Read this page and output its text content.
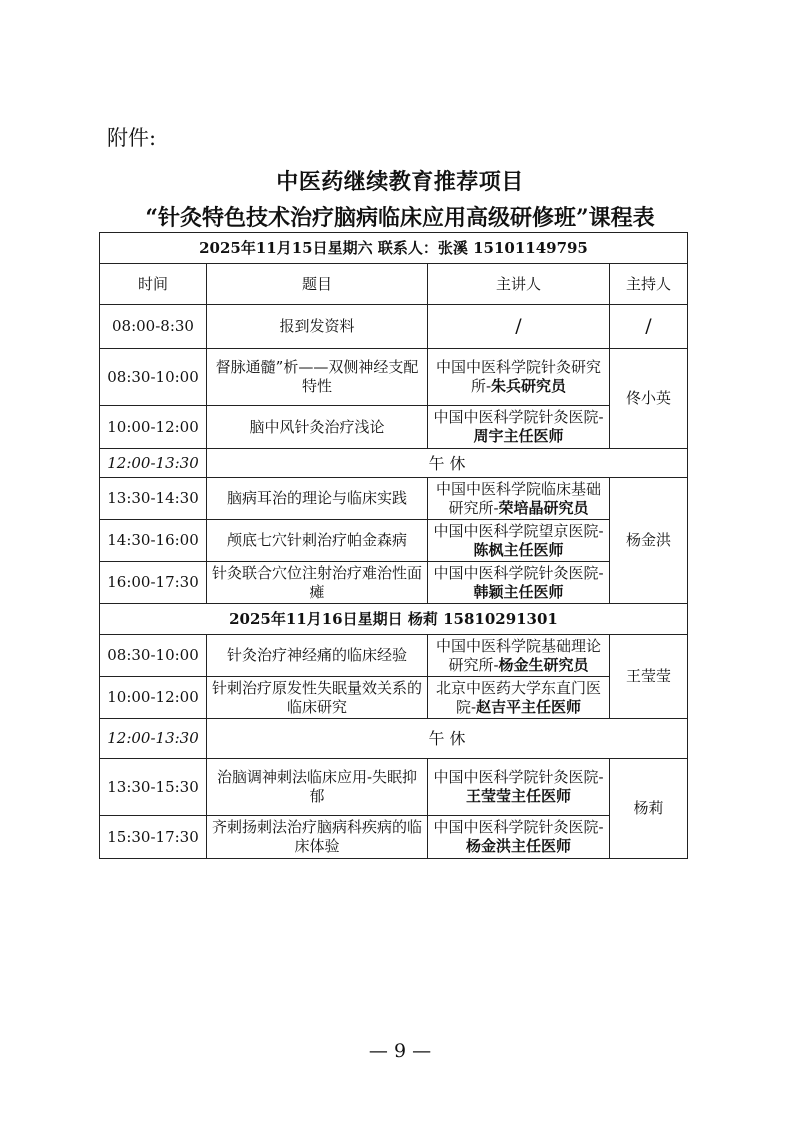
附件:
中医药继续教育推荐项目
“针灸特色技术治疗脑病临床应用高级研修班”课程表
2025年11月15日星期六 联系人：张溪 15101149795			
时间	题目	主讲人	主持人
08:00-8:30	报到发资料	/	/
08:30-10:00	督脉通髓”析——双侧神经支配特性	中国中医科学院针灸研究所-朱兵研究员	佟小英
10:00-12:00	脑中风针灸治疗浅论	中国中医科学院针灸医院-周宇主任医师	
12:00-13:30	午 休		
13:30-14:30	脑病耳治的理论与临床实践	中国中医科学院临床基础研究所-荣培晶研究员	杨金洪
14:30-16:00	颅底七穴针刺治疗帕金森病	中国中医科学院望京医院-陈枫主任医师	
16:00-17:30	针灸联合穴位注射治疗难治性面瘫	中国中医科学院针灸医院-韩颖主任医师	
2025年11月16日星期日 杨莉 15810291301			
08:30-10:00	针灸治疗神经痛的临床经验	中国中医科学院基础理论研究所-杨金生研究员	王莹莹
10:00-12:00	针刺治疗原发性失眠量效关系的临床研究	北京中医药大学东直门医院-赵吉平主任医师	
12:00-13:30	午 休		
13:30-15:30	治脑调神刺法临床应用-失眠抑郁	中国中医科学院针灸医院-王莹莹主任医师	杨莉
15:30-17:30	齐刺扬刺法治疗脑病科疾病的临床体验	中国中医科学院针灸医院-杨金洪主任医师	
— 9 —
